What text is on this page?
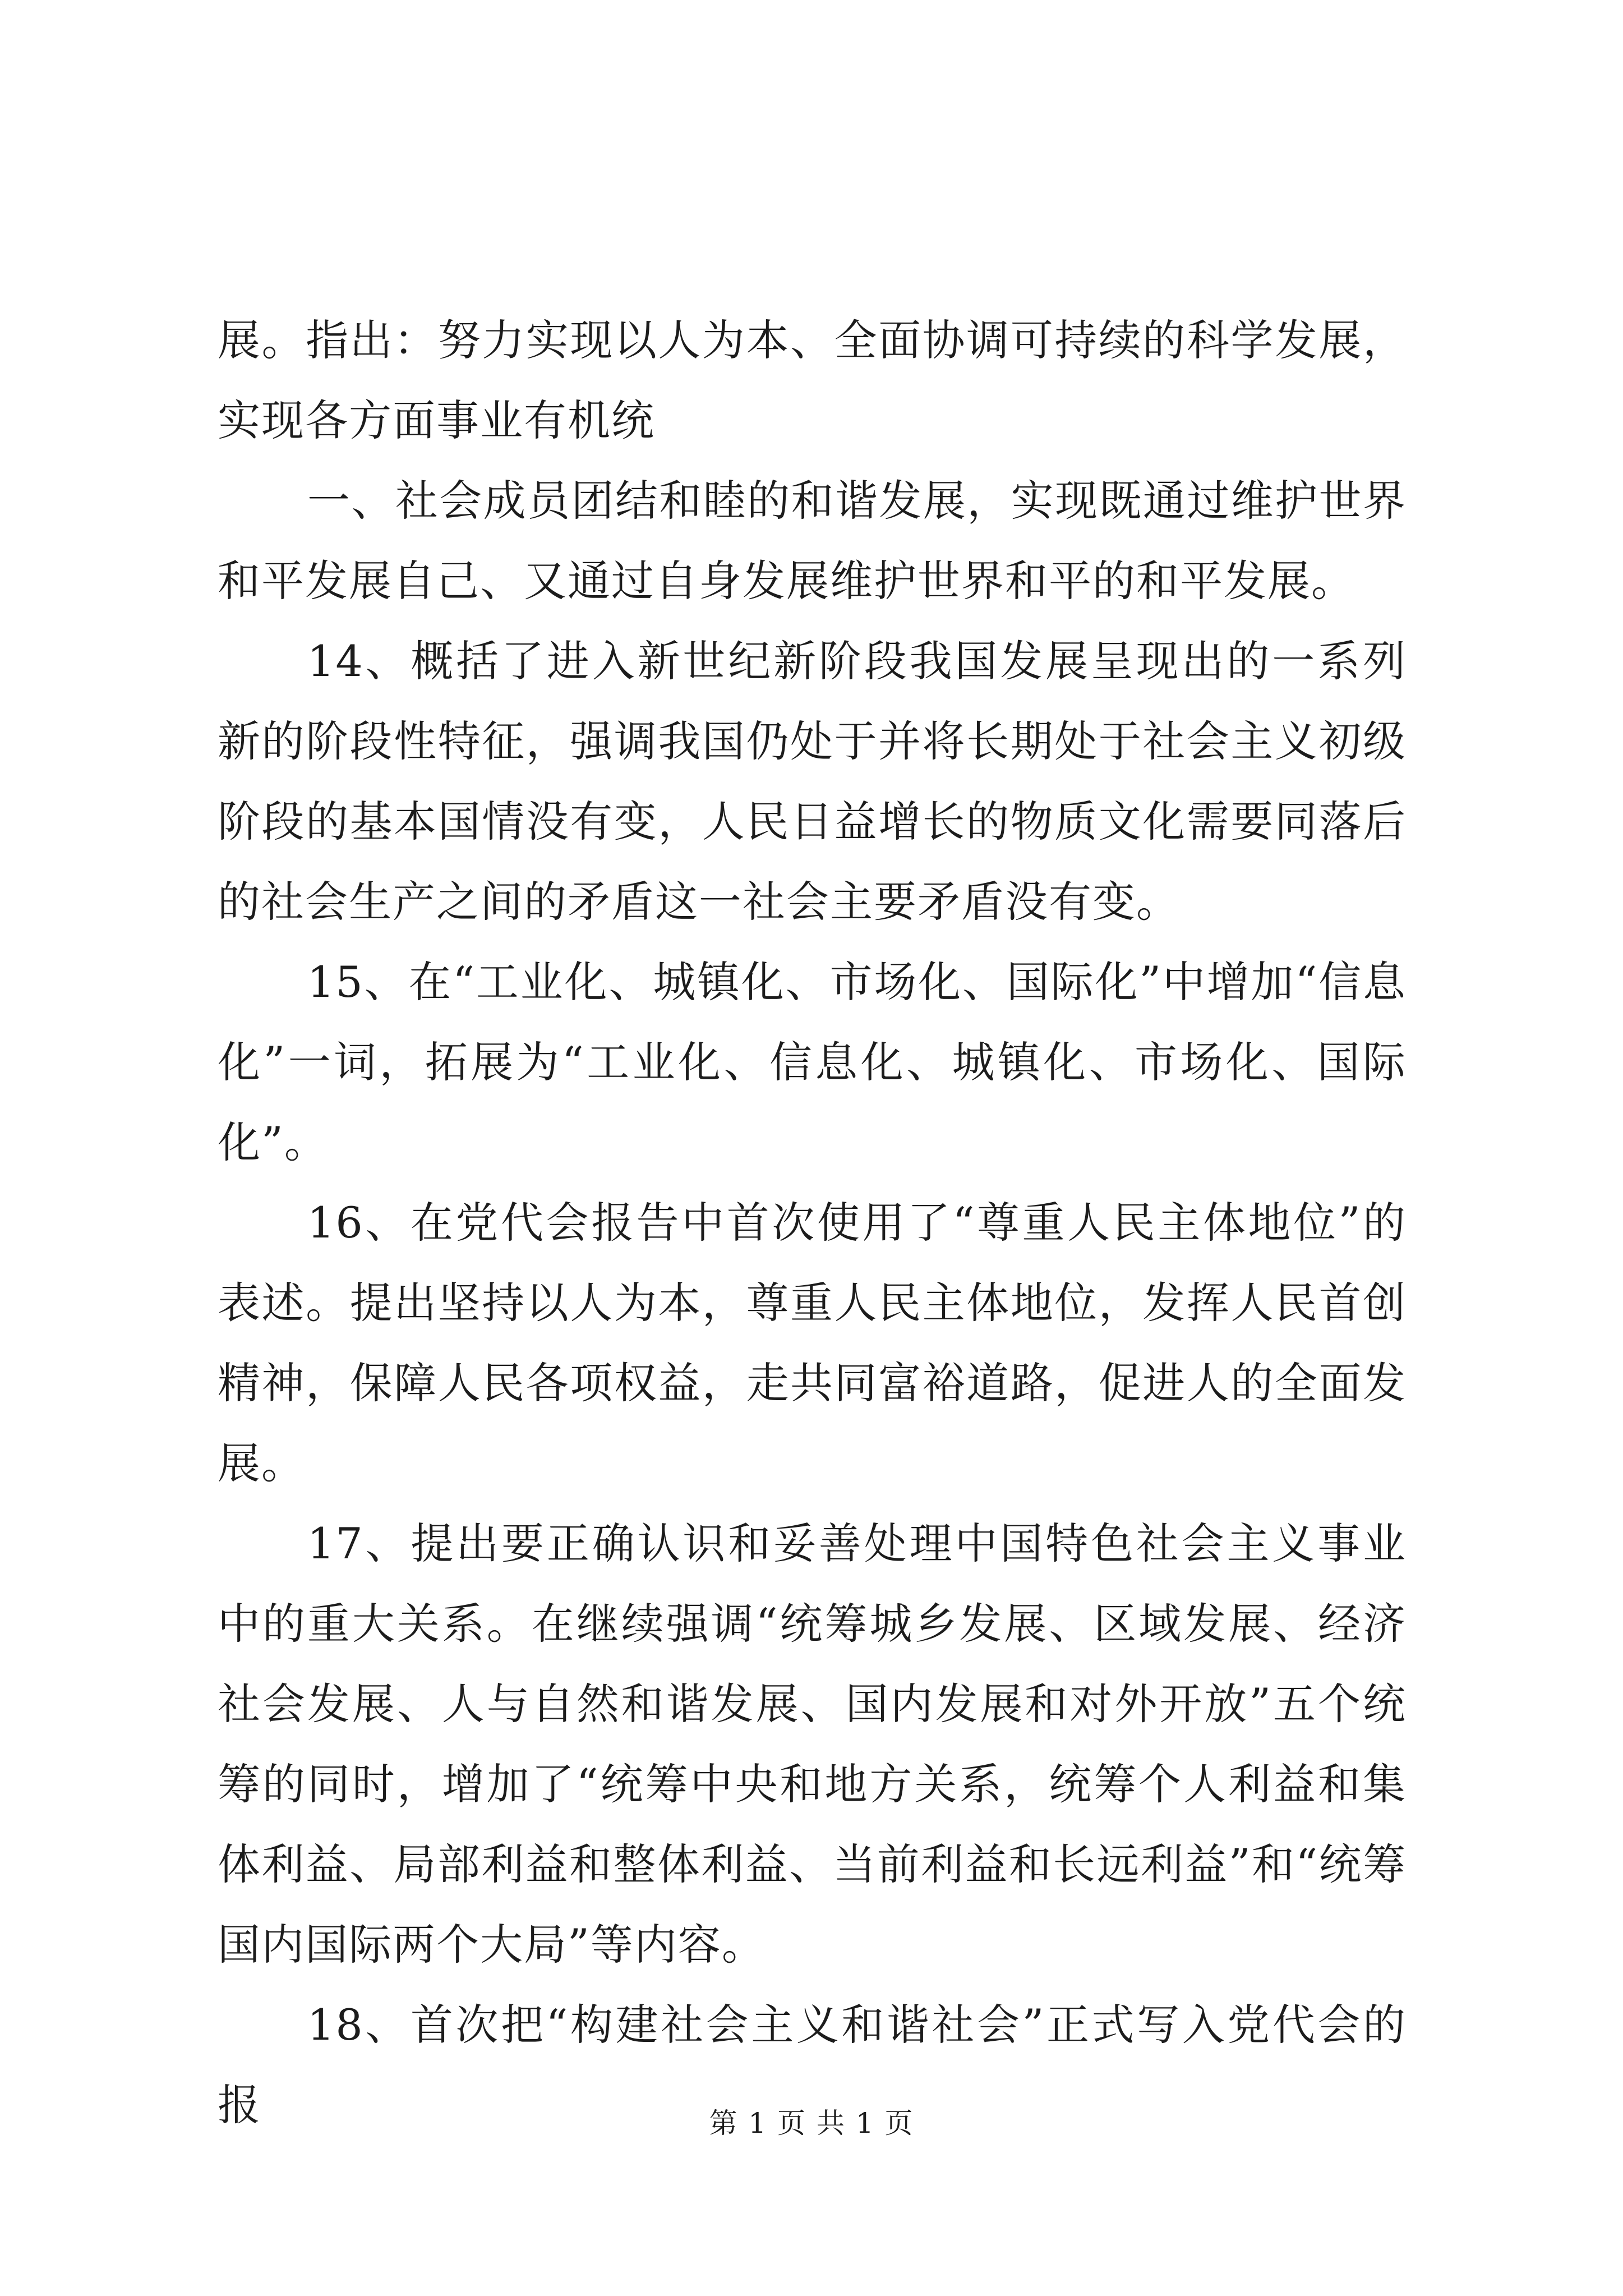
展。指出：努力实现以人为本、全面协调可持续的科学发展，实现各方面事业有机统

一、社会成员团结和睦的和谐发展，实现既通过维护世界和平发展自己、又通过自身发展维护世界和平的和平发展。

14、概括了进入新世纪新阶段我国发展呈现出的一系列新的阶段性特征，强调我国仍处于并将长期处于社会主义初级阶段的基本国情没有变，人民日益增长的物质文化需要同落后的社会生产之间的矛盾这一社会主要矛盾没有变。

15、在“工业化、城镇化、市场化、国际化”中增加“信息化”一词，拓展为“工业化、信息化、城镇化、市场化、国际化”。

16、在党代会报告中首次使用了“尊重人民主体地位”的表述。提出坚持以人为本，尊重人民主体地位，发挥人民首创精神，保障人民各项权益，走共同富裕道路，促进人的全面发展。

17、提出要正确认识和妥善处理中国特色社会主义事业中的重大关系。在继续强调“统筹城乡发展、区域发展、经济社会发展、人与自然和谐发展、国内发展和对外开放”五个统筹的同时，增加了“统筹中央和地方关系，统筹个人利益和集体利益、局部利益和整体利益、当前利益和长远利益”和“统筹国内国际两个大局”等内容。

18、首次把“构建社会主义和谐社会”正式写入党代会的报	第 1 页 共 1 页
